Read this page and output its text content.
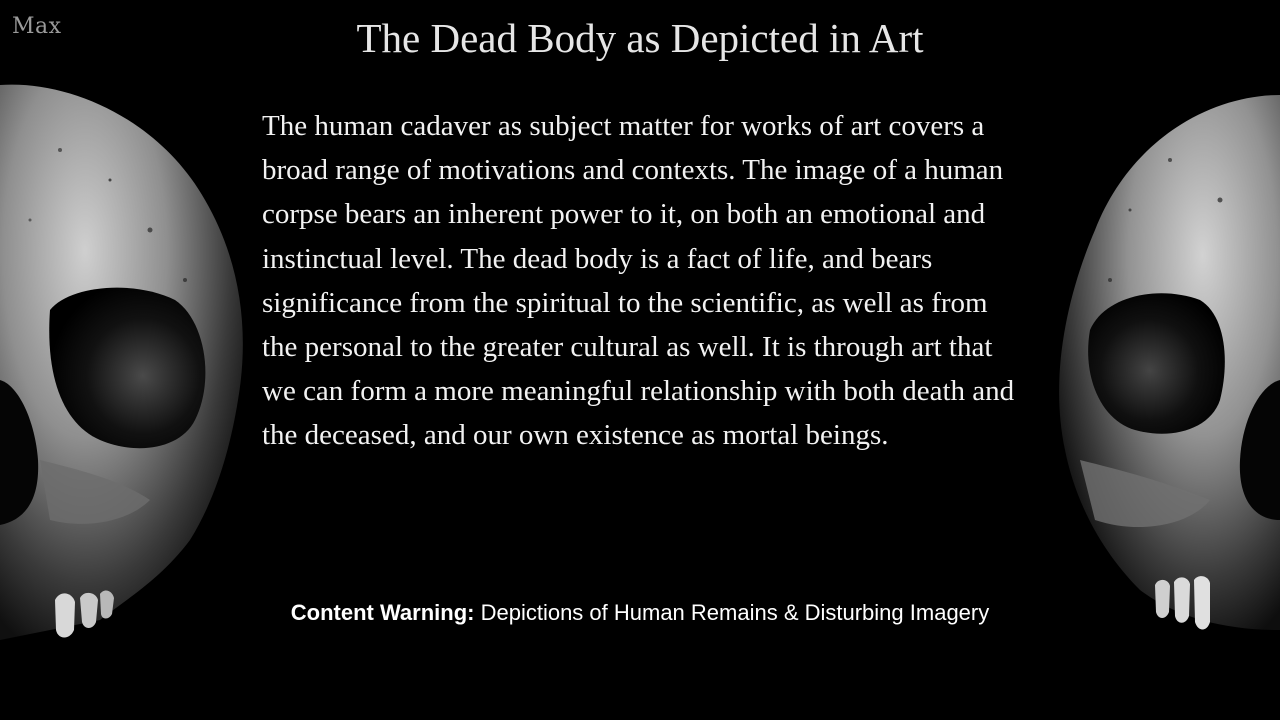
Max	The Dead Body as Depicted in Art

The human cadaver as subject matter for works of art covers a broad range of motivations and contexts. The image of a human corpse bears an inherent power to it, on both an emotional and instinctual level. The dead body is a fact of life, and bears significance from the spiritual to the scientific, as well as from the personal to the greater cultural as well. It is through art that we can form a more meaningful relationship with both death and the deceased, and our own existence as mortal beings.

Content Warning: Depictions of Human Remains & Disturbing Imagery
